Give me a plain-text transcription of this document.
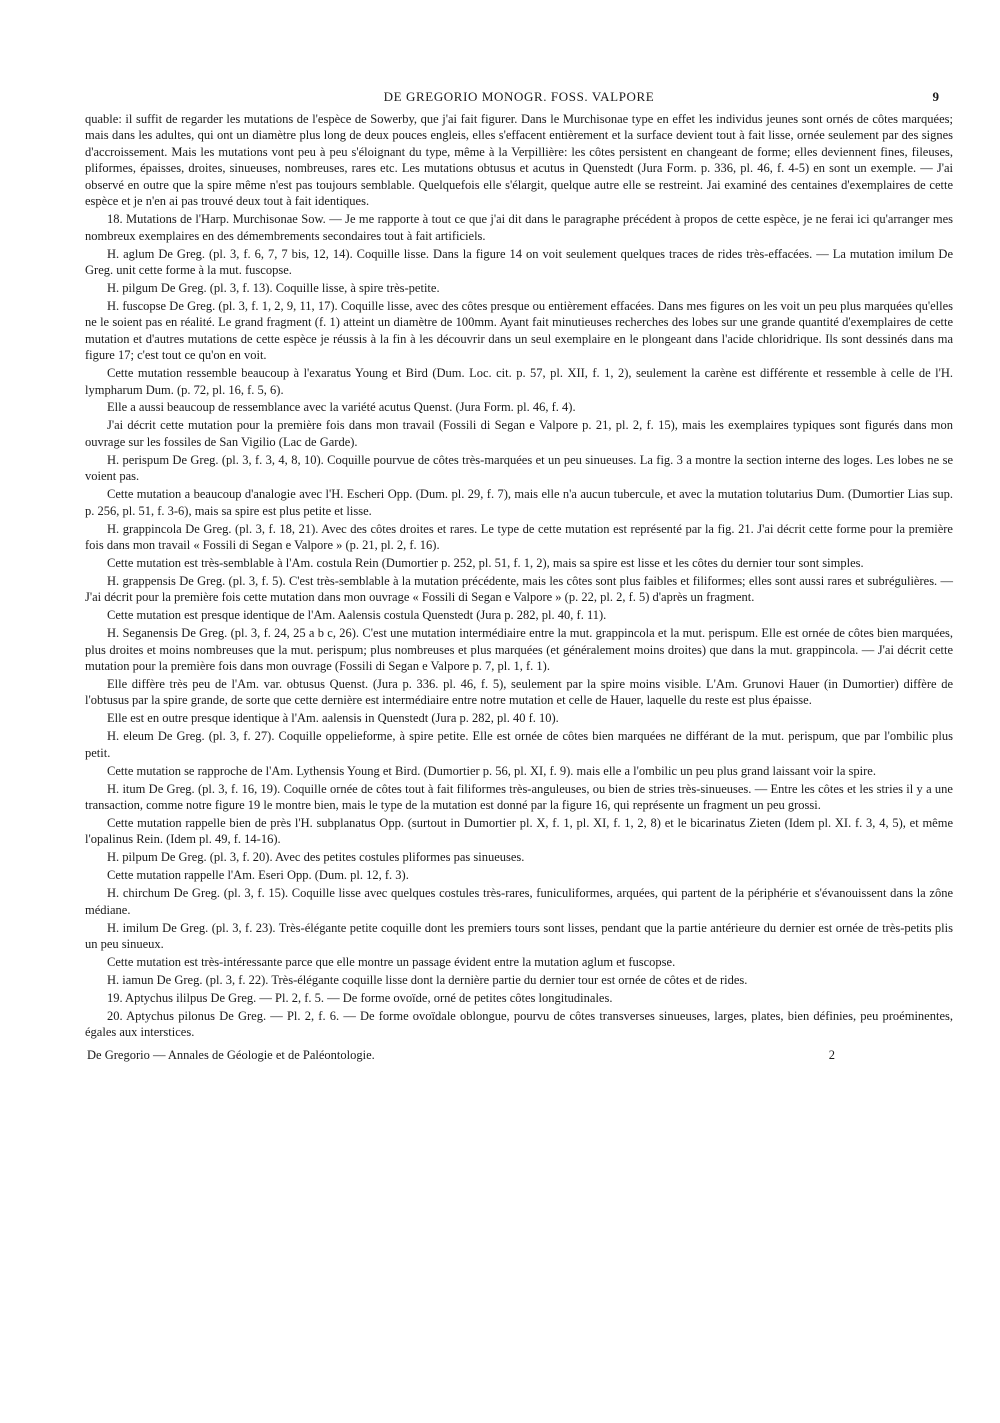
DE GREGORIO MONOGR. FOSS. VALPORE	9

quable: il suffit de regarder les mutations de l'espèce de Sowerby, que j'ai fait figurer. Dans le Murchisonae type en effet les individus jeunes sont ornés de côtes marquées; mais dans les adultes, qui ont un diamètre plus long de deux pouces engleis, elles s'effacent entièrement et la surface devient tout à fait lisse, ornée seulement par des signes d'accroissement. Mais les mutations vont peu à peu s'éloignant du type, même à la Verpillière: les côtes persistent en changeant de forme; elles deviennent fines, fileuses, pliformes, épaisses, droites, sinueuses, nombreuses, rares etc. Les mutations obtusus et acutus in Quenstedt (Jura Form. p. 336, pl. 46, f. 4-5) en sont un exemple. — J'ai observé en outre que la spire même n'est pas toujours semblable. Quelquefois elle s'élargit, quelque autre elle se restreint. Jai examiné des centaines d'exemplaires de cette espèce et je n'en ai pas trouvé deux tout à fait identiques.

18. Mutations de l'Harp. Murchisonae Sow. — Je me rapporte à tout ce que j'ai dit dans le paragraphe précédent à propos de cette espèce, je ne ferai ici qu'arranger mes nombreux exemplaires en des démembrements secondaires tout à fait artificiels.

H. aglum De Greg. (pl. 3, f. 6, 7, 7 bis, 12, 14). Coquille lisse. Dans la figure 14 on voit seulement quelques traces de rides très-effacées. — La mutation imilum De Greg. unit cette forme à la mut. fuscopse.

H. pilgum De Greg. (pl. 3, f. 13). Coquille lisse, à spire très-petite.

H. fuscopse De Greg. (pl. 3, f. 1, 2, 9, 11, 17). Coquille lisse, avec des côtes presque ou entièrement effacées. Dans mes figures on les voit un peu plus marquées qu'elles ne le soient pas en réalité. Le grand fragment (f. 1) atteint un diamètre de 100mm. Ayant fait minutieuses recherches des lobes sur une grande quantité d'exemplaires de cette mutation et d'autres mutations de cette espèce je réussis à la fin à les découvrir dans un seul exemplaire en le plongeant dans l'acide chloridrique. Ils sont dessinés dans ma figure 17; c'est tout ce qu'on en voit.

Cette mutation ressemble beaucoup à l'exaratus Young et Bird (Dum. Loc. cit. p. 57, pl. XII, f. 1, 2), seulement la carène est différente et ressemble à celle de l'H. lympharum Dum. (p. 72, pl. 16, f. 5, 6).

Elle a aussi beaucoup de ressemblance avec la variété acutus Quenst. (Jura Form. pl. 46, f. 4).

J'ai décrit cette mutation pour la première fois dans mon travail (Fossili di Segan e Valpore p. 21, pl. 2, f. 15), mais les exemplaires typiques sont figurés dans mon ouvrage sur les fossiles de San Vigilio (Lac de Garde).

H. perispum De Greg. (pl. 3, f. 3, 4, 8, 10). Coquille pourvue de côtes très-marquées et un peu sinueuses. La fig. 3 a montre la section interne des loges. Les lobes ne se voient pas.

Cette mutation a beaucoup d'analogie avec l'H. Escheri Opp. (Dum. pl. 29, f. 7), mais elle n'a aucun tubercule, et avec la mutation tolutarius Dum. (Dumortier Lias sup. p. 256, pl. 51, f. 3-6), mais sa spire est plus petite et lisse.

H. grappincola De Greg. (pl. 3, f. 18, 21). Avec des côtes droites et rares. Le type de cette mutation est représenté par la fig. 21. J'ai décrit cette forme pour la première fois dans mon travail « Fossili di Segan e Valpore » (p. 21, pl. 2, f. 16).

Cette mutation est très-semblable à l'Am. costula Rein (Dumortier p. 252, pl. 51, f. 1, 2), mais sa spire est lisse et les côtes du dernier tour sont simples.

H. grappensis De Greg. (pl. 3, f. 5). C'est très-semblable à la mutation précédente, mais les côtes sont plus faibles et filiformes; elles sont aussi rares et subrégulières. — J'ai décrit pour la première fois cette mutation dans mon ouvrage « Fossili di Segan e Valpore » (p. 22, pl. 2, f. 5) d'après un fragment.

Cette mutation est presque identique de l'Am. Aalensis costula Quenstedt (Jura p. 282, pl. 40, f. 11).

H. Seganensis De Greg. (pl. 3, f. 24, 25 a b c, 26). C'est une mutation intermédiaire entre la mut. grappincola et la mut. perispum. Elle est ornée de côtes bien marquées, plus droites et moins nombreuses que la mut. perispum; plus nombreuses et plus marquées (et généralement moins droites) que dans la mut. grappincola. — J'ai décrit cette mutation pour la première fois dans mon ouvrage (Fossili di Segan e Valpore p. 7, pl. 1, f. 1).

Elle diffère très peu de l'Am. var. obtusus Quenst. (Jura p. 336. pl. 46, f. 5), seulement par la spire moins visible. L'Am. Grunovi Hauer (in Dumortier) diffère de l'obtusus par la spire grande, de sorte que cette dernière est intermédiaire entre notre mutation et celle de Hauer, laquelle du reste est plus épaisse.

Elle est en outre presque identique à l'Am. aalensis in Quenstedt (Jura p. 282, pl. 40 f. 10).

H. eleum De Greg. (pl. 3, f. 27). Coquille oppelieforme, à spire petite. Elle est ornée de côtes bien marquées ne différant de la mut. perispum, que par l'ombilic plus petit.

Cette mutation se rapproche de l'Am. Lythensis Young et Bird. (Dumortier p. 56, pl. XI, f. 9). mais elle a l'ombilic un peu plus grand laissant voir la spire.

H. itum De Greg. (pl. 3, f. 16, 19). Coquille ornée de côtes tout à fait filiformes très-anguleuses, ou bien de stries très-sinueuses. — Entre les côtes et les stries il y a une transaction, comme notre figure 19 le montre bien, mais le type de la mutation est donné par la figure 16, qui représente un fragment un peu grossi.

Cette mutation rappelle bien de près l'H. subplanatus Opp. (surtout in Dumortier pl. X, f. 1, pl. XI, f. 1, 2, 8) et le bicarinatus Zieten (Idem pl. XI. f. 3, 4, 5), et même l'opalinus Rein. (Idem pl. 49, f. 14-16).

H. pilpum De Greg. (pl. 3, f. 20). Avec des petites costules pliformes pas sinueuses.

Cette mutation rappelle l'Am. Eseri Opp. (Dum. pl. 12, f. 3).

H. chirchum De Greg. (pl. 3, f. 15). Coquille lisse avec quelques costules très-rares, funiculiformes, arquées, qui partent de la périphérie et s'évanouissent dans la zône médiane.

H. imilum De Greg. (pl. 3, f. 23). Très-élégante petite coquille dont les premiers tours sont lisses, pendant que la partie antérieure du dernier est ornée de très-petits plis un peu sinueux.

Cette mutation est très-intéressante parce que elle montre un passage évident entre la mutation aglum et fuscopse.

H. iamun De Greg. (pl. 3, f. 22). Très-élégante coquille lisse dont la dernière partie du dernier tour est ornée de côtes et de rides.

19. Aptychus ililpus De Greg. — Pl. 2, f. 5. — De forme ovoïde, orné de petites côtes longitudinales.

20. Aptychus pilonus De Greg. — Pl. 2, f. 6. — De forme ovoïdale oblongue, pourvu de côtes transverses sinueuses, larges, plates, bien définies, peu proéminentes, égales aux interstices.

De Gregorio — Annales de Géologie et de Paléontologie.	2
